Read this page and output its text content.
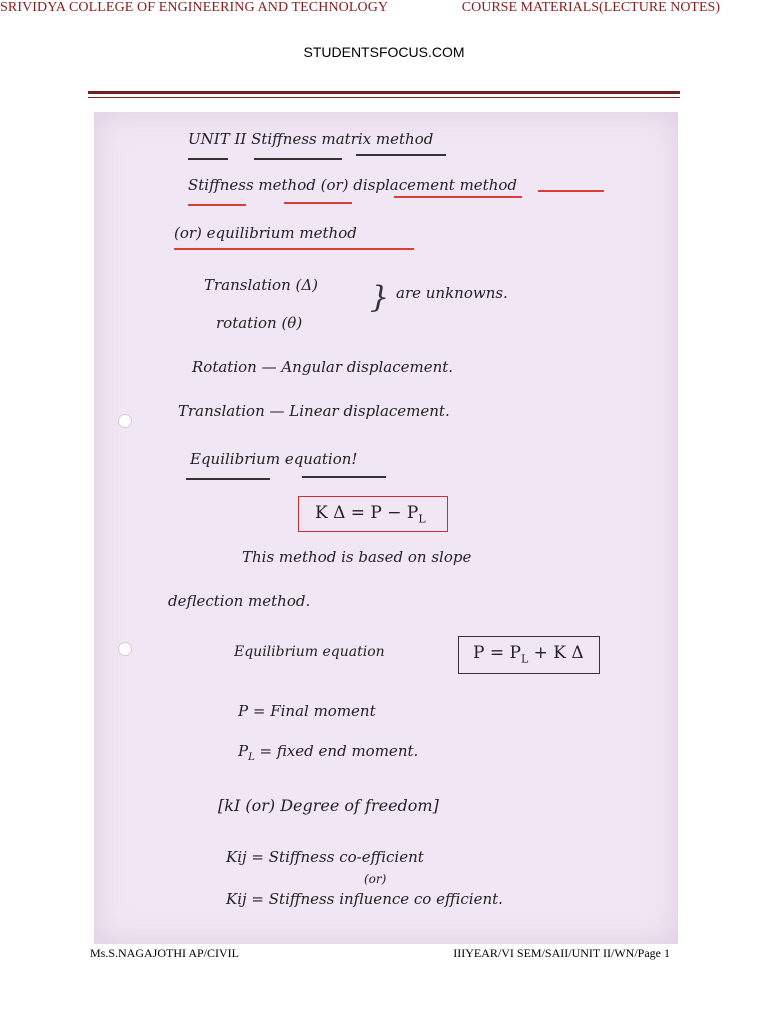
SRIVIDYA COLLEGE OF ENGINEERING AND TECHNOLOGY	COURSE MATERIALS(LECTURE NOTES)
STUDENTSFOCUS.COM
UNIT II Stiffness matrix method
Stiffness method (or) displacement method
(or) equilibrium method
Translation (Δ)
rotation (θ)
} are unknowns.
Rotation — Angular displacement.
Translation — Linear displacement.
Equilibrium equation!
K $\Delta = P - P_L$
This method is based on slope
deflection method.
Equilibrium equation	$P = P_L + K$ Δ
P = Final moment
$P_L$ = fixed end moment.
[kI (or) Degree of freedom]
Kij = Stiffness co-efficient
(or)
Kij = Stiffness influence co efficient.
Ms.S.NAGAJOTHI AP/CIVIL	IIIYEAR/VI SEM/SAII/UNIT II/WN/Page 1
